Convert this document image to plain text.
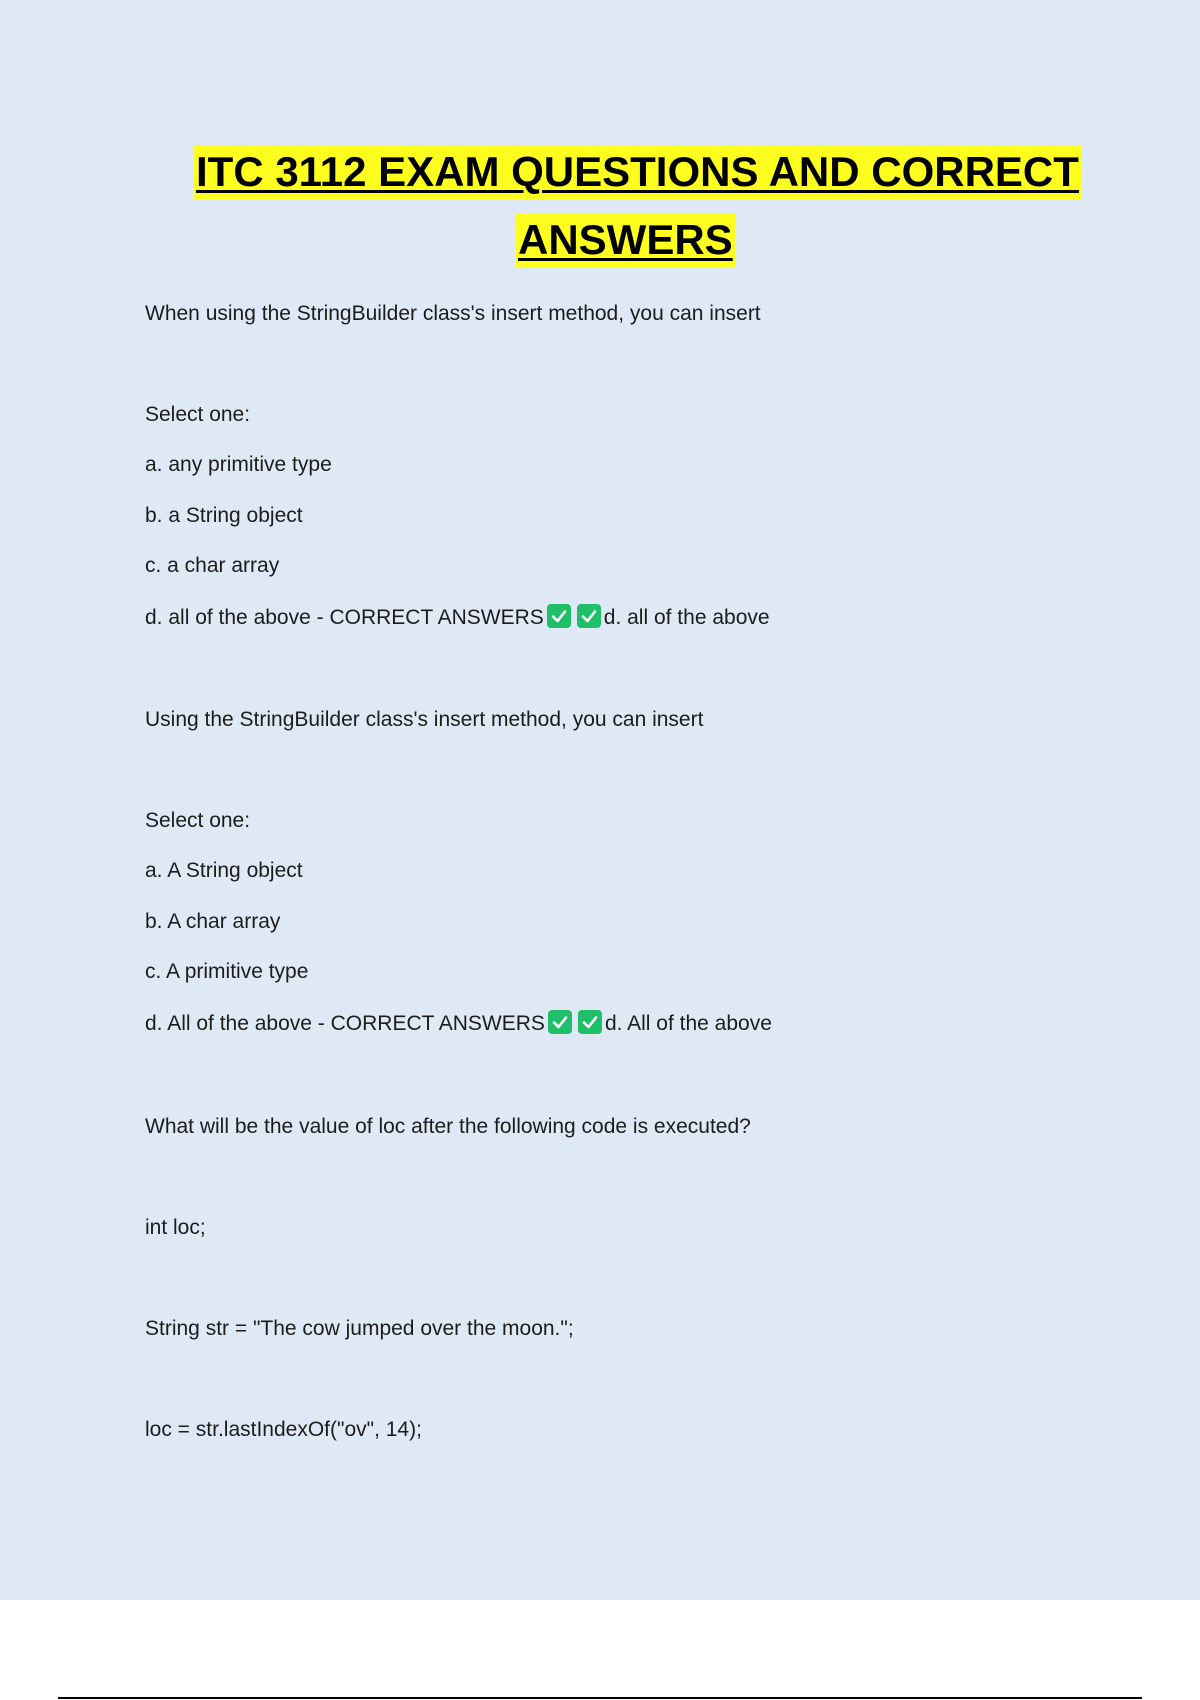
ITC 3112 EXAM QUESTIONS AND CORRECT
ANSWERS
When using the StringBuilder class's insert method, you can insert
Select one:
a. any primitive type
b. a String object
c. a char array
d. all of the above - CORRECT ANSWERS	d. all of the above
Using the StringBuilder class's insert method, you can insert
Select one:
a. A String object
b. A char array
c. A primitive type
d. All of the above - CORRECT ANSWERS	d. All of the above
What will be the value of loc after the following code is executed?
int loc;
String str = "The cow jumped over the moon.";
loc = str.lastIndexOf("ov", 14);
